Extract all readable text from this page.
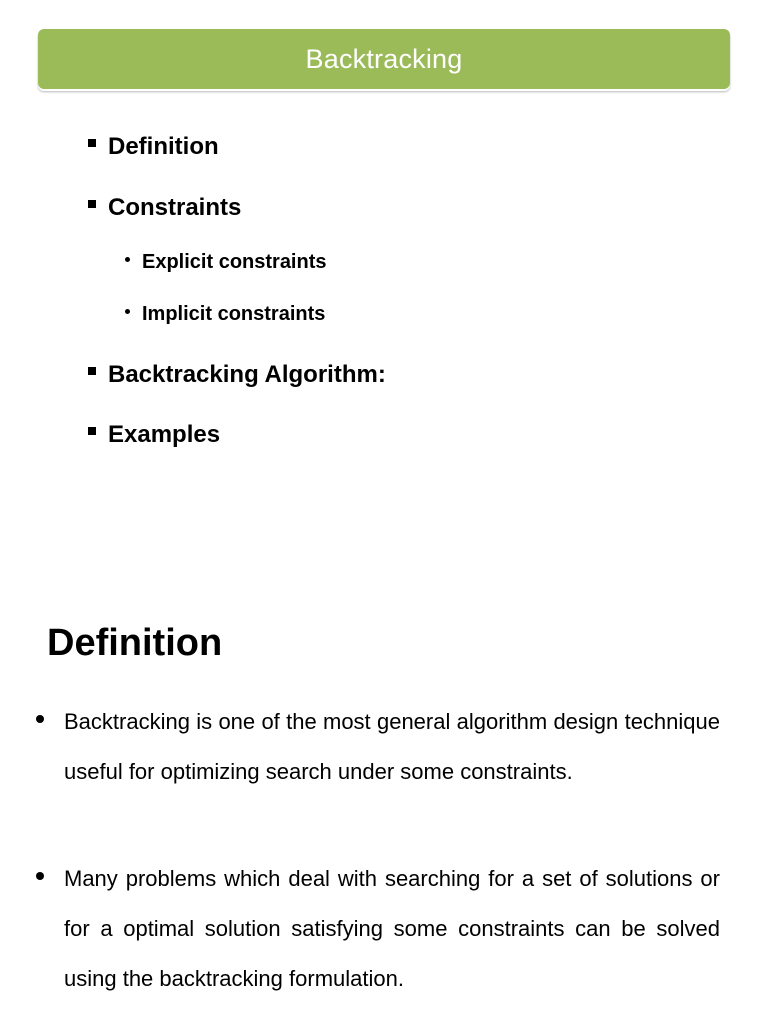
Backtracking
Definition
Constraints
Explicit constraints
Implicit constraints
Backtracking Algorithm:
Examples
Definition

Backtracking is one of the most general algorithm design technique useful for optimizing search under some constraints.

Many problems which deal with searching for a set of solutions or for a optimal solution satisfying some constraints can be solved using the backtracking formulation.
